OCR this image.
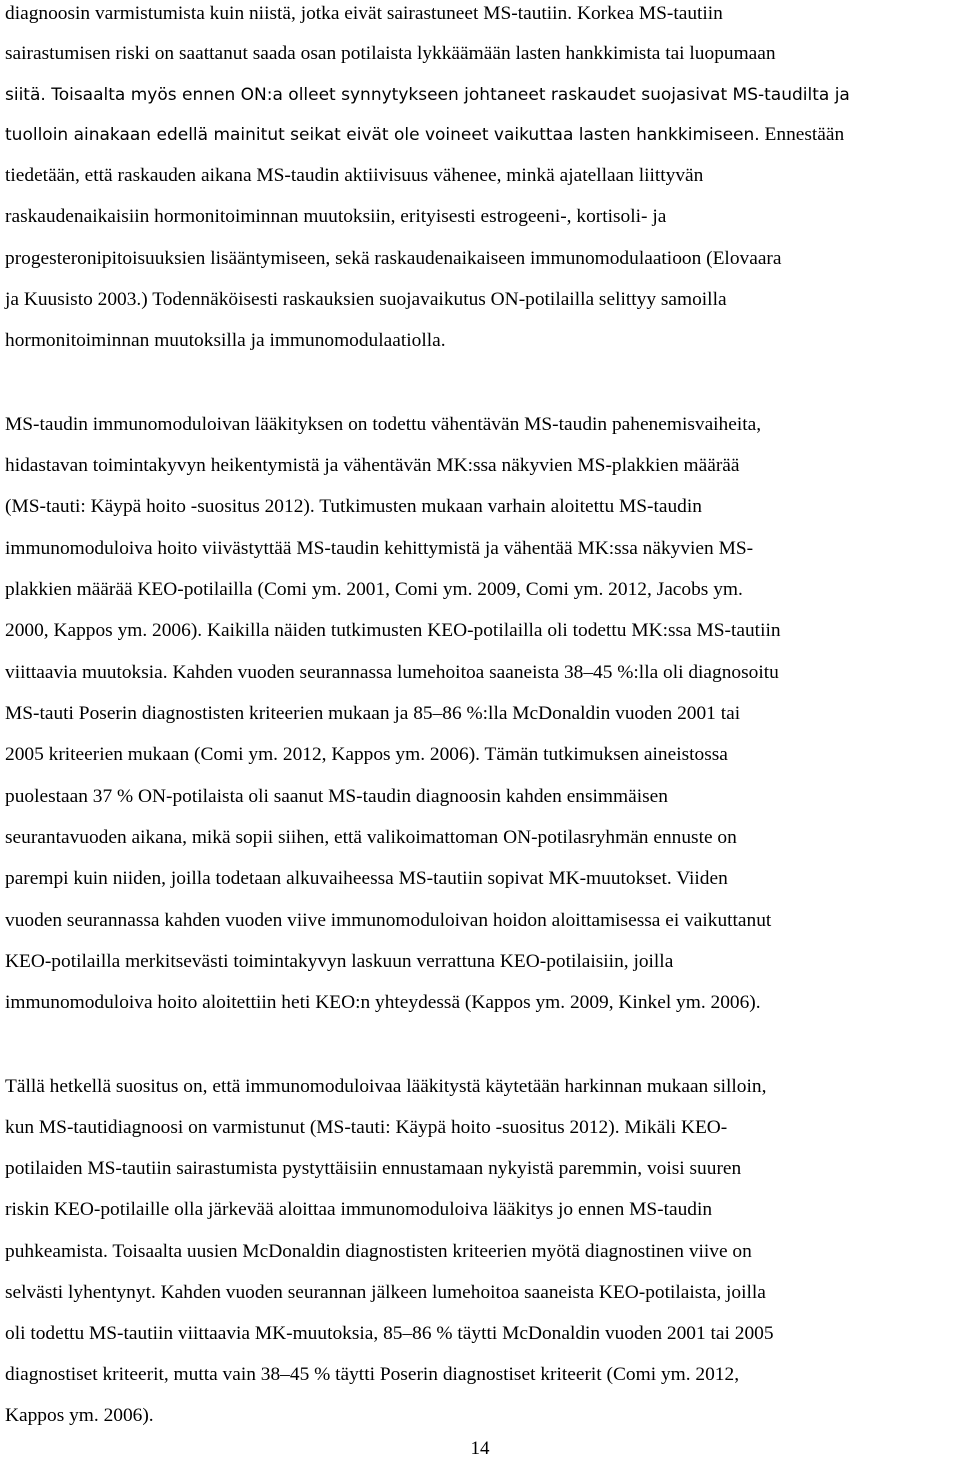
diagnoosin varmistumista kuin niistä, jotka eivät sairastuneet MS-tautiin. Korkea MS-tautiin
sairastumisen riski on saattanut saada osan potilaista lykkäämään lasten hankkimista tai luopumaan
siitä. Toisaalta myös ennen ON:a olleet synnytykseen johtaneet raskaudet suojasivat MS-taudilta ja
tuolloin ainakaan edellä mainitut seikat eivät ole voineet vaikuttaa lasten hankkimiseen. Ennestään
tiedetään, että raskauden aikana MS-taudin aktiivisuus vähenee, minkä ajatellaan liittyvän
raskaudenaikaisiin hormonitoiminnan muutoksiin, erityisesti estrogeeni-, kortisoli- ja
progesteronipitoisuuksien lisääntymiseen, sekä raskaudenaikaiseen immunomodulaatioon (Elovaara
ja Kuusisto 2003.) Todennäköisesti raskauksien suojavaikutus ON-potilailla selittyy samoilla
hormonitoiminnan muutoksilla ja immunomodulaatiolla.
MS-taudin immunomoduloivan lääkityksen on todettu vähentävän MS-taudin pahenemisvaiheita,
hidastavan toimintakyvyn heikentymistä ja vähentävän MK:ssa näkyvien MS-plakkien määrää
(MS-tauti: Käypä hoito -suositus 2012). Tutkimusten mukaan varhain aloitettu MS-taudin
immunomoduloiva hoito viivästyttää MS-taudin kehittymistä ja vähentää MK:ssa näkyvien MS-
plakkien määrää KEO-potilailla (Comi ym. 2001, Comi ym. 2009, Comi ym. 2012, Jacobs ym.
2000, Kappos ym. 2006). Kaikilla näiden tutkimusten KEO-potilailla oli todettu MK:ssa MS-tautiin
viittaavia muutoksia. Kahden vuoden seurannassa lumehoitoa saaneista 38–45 %:lla oli diagnosoitu
MS-tauti Poserin diagnostisten kriteerien mukaan ja 85–86 %:lla McDonaldin vuoden 2001 tai
2005 kriteerien mukaan (Comi ym. 2012, Kappos ym. 2006). Tämän tutkimuksen aineistossa
puolestaan 37 % ON-potilaista oli saanut MS-taudin diagnoosin kahden ensimmäisen
seurantavuoden aikana, mikä sopii siihen, että valikoimattoman ON-potilasryhmän ennuste on
parempi kuin niiden, joilla todetaan alkuvaiheessa MS-tautiin sopivat MK-muutokset. Viiden
vuoden seurannassa kahden vuoden viive immunomoduloivan hoidon aloittamisessa ei vaikuttanut
KEO-potilailla merkitsevästi toimintakyvyn laskuun verrattuna KEO-potilaisiin, joilla
immunomoduloiva hoito aloitettiin heti KEO:n yhteydessä (Kappos ym. 2009, Kinkel ym. 2006).
Tällä hetkellä suositus on, että immunomoduloivaa lääkitystä käytetään harkinnan mukaan silloin,
kun MS-tautidiagnoosi on varmistunut (MS-tauti: Käypä hoito -suositus 2012). Mikäli KEO-
potilaiden MS-tautiin sairastumista pystyttäisiin ennustamaan nykyistä paremmin, voisi suuren
riskin KEO-potilaille olla järkevää aloittaa immunomoduloiva lääkitys jo ennen MS-taudin
puhkeamista. Toisaalta uusien McDonaldin diagnostisten kriteerien myötä diagnostinen viive on
selvästi lyhentynyt. Kahden vuoden seurannan jälkeen lumehoitoa saaneista KEO-potilaista, joilla
oli todettu MS-tautiin viittaavia MK-muutoksia, 85–86 % täytti McDonaldin vuoden 2001 tai 2005
diagnostiset kriteerit, mutta vain 38–45 % täytti Poserin diagnostiset kriteerit (Comi ym. 2012,
Kappos ym. 2006).
14
